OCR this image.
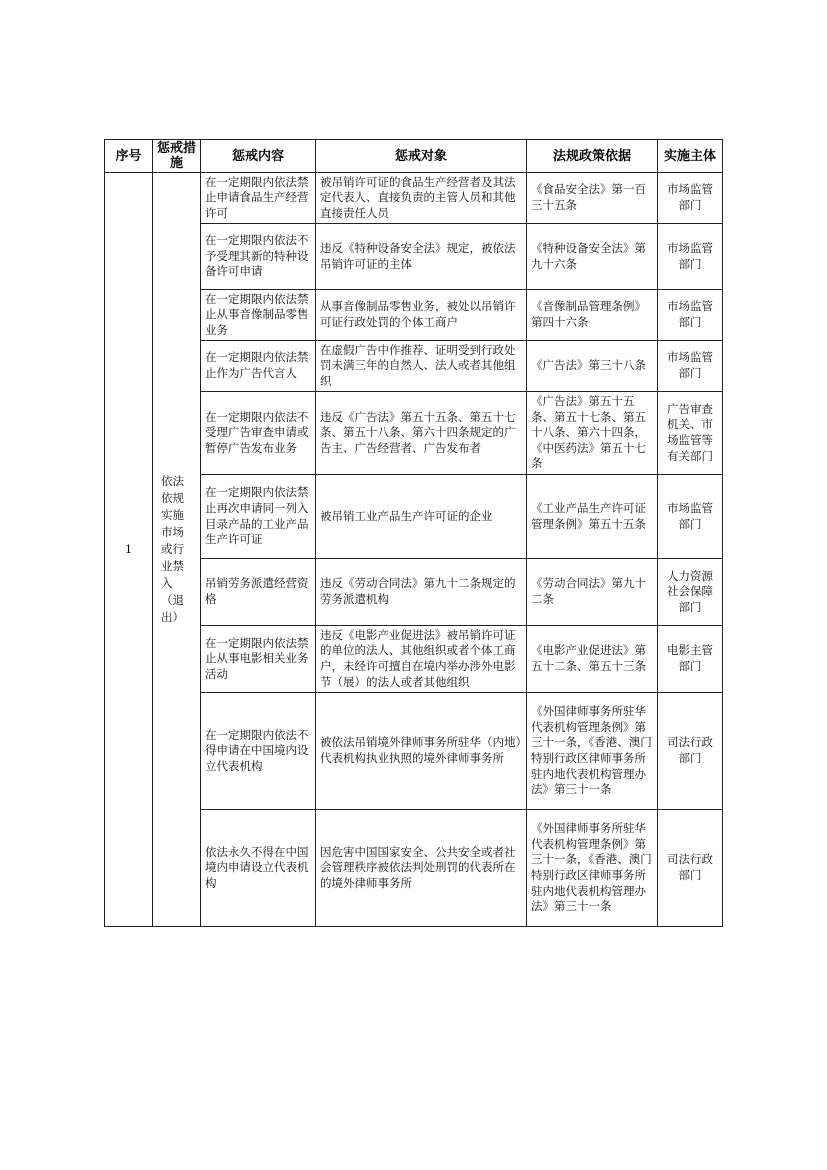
序号	惩戒措施	惩戒内容	惩戒对象	法规政策依据	实施主体
1	依法依规实施市场或行业禁入（退出）	在一定期限内依法禁止申请食品生产经营许可	被吊销许可证的食品生产经营者及其法定代表人、直接负责的主管人员和其他直接责任人员	《食品安全法》第一百三十五条	市场监管部门
		在一定期限内依法不予受理其新的特种设备许可申请	违反《特种设备安全法》规定，被依法吊销许可证的主体	《特种设备安全法》第九十六条	市场监管部门
		在一定期限内依法禁止从事音像制品零售业务	从事音像制品零售业务，被处以吊销许可证行政处罚的个体工商户	《音像制品管理条例》第四十六条	市场监管部门
		在一定期限内依法禁止作为广告代言人	在虚假广告中作推荐、证明受到行政处罚未满三年的自然人、法人或者其他组织	《广告法》第三十八条	市场监管部门
		在一定期限内依法不受理广告审查申请或暂停广告发布业务	违反《广告法》第五十五条、第五十七条、第五十八条、第六十四条规定的广告主、广告经营者、广告发布者	《广告法》第五十五条、第五十七条、第五十八条、第六十四条，《中医药法》第五十七条	广告审查机关、市场监管等有关部门
		在一定期限内依法禁止再次申请同一列入目录产品的工业产品生产许可证	被吊销工业产品生产许可证的企业	《工业产品生产许可证管理条例》第五十五条	市场监管部门
		吊销劳务派遣经营资格	违反《劳动合同法》第九十二条规定的劳务派遣机构	《劳动合同法》第九十二条	人力资源社会保障部门
		在一定期限内依法禁止从事电影相关业务活动	违反《电影产业促进法》被吊销许可证的单位的法人、其他组织或者个体工商户，未经许可擅自在境内举办涉外电影节（展）的法人或者其他组织	《电影产业促进法》第五十二条、第五十三条	电影主管部门
		在一定期限内依法不得申请在中国境内设立代表机构	被依法吊销境外律师事务所驻华（内地）代表机构执业执照的境外律师事务所	《外国律师事务所驻华代表机构管理条例》第三十一条，《香港、澳门特别行政区律师事务所驻内地代表机构管理办法》第三十一条	司法行政部门
		依法永久不得在中国境内申请设立代表机构	因危害中国国家安全、公共安全或者社会管理秩序被依法判处刑罚的代表所在的境外律师事务所	《外国律师事务所驻华代表机构管理条例》第三十一条，《香港、澳门特别行政区律师事务所驻内地代表机构管理办法》第三十一条	司法行政部门
